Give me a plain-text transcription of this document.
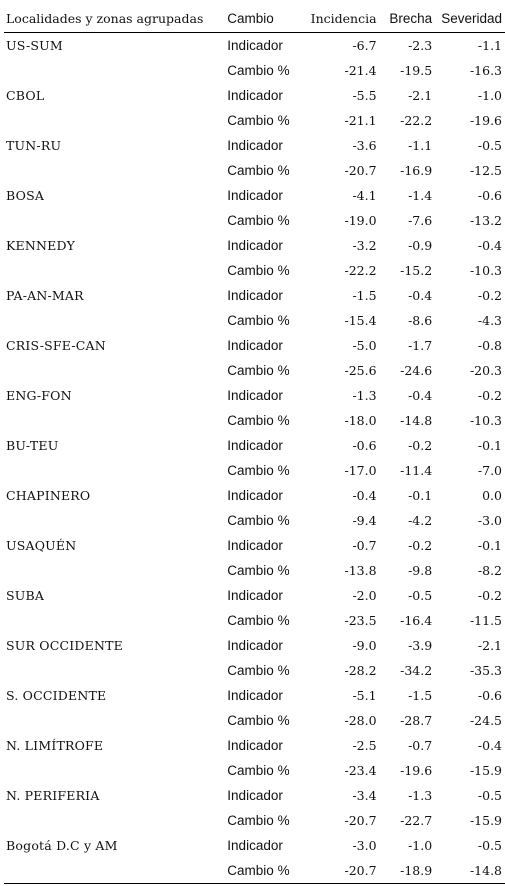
Localidades y zonas agrupadas	Cambio	Incidencia	Brecha	Severidad
US-SUM	Indicador	-6.7	-2.3	-1.1
	Cambio %	-21.4	-19.5	-16.3
CBOL	Indicador	-5.5	-2.1	-1.0
	Cambio %	-21.1	-22.2	-19.6
TUN-RU	Indicador	-3.6	-1.1	-0.5
	Cambio %	-20.7	-16.9	-12.5
BOSA	Indicador	-4.1	-1.4	-0.6
	Cambio %	-19.0	-7.6	-13.2
KENNEDY	Indicador	-3.2	-0.9	-0.4
	Cambio %	-22.2	-15.2	-10.3
PA-AN-MAR	Indicador	-1.5	-0.4	-0.2
	Cambio %	-15.4	-8.6	-4.3
CRIS-SFE-CAN	Indicador	-5.0	-1.7	-0.8
	Cambio %	-25.6	-24.6	-20.3
ENG-FON	Indicador	-1.3	-0.4	-0.2
	Cambio %	-18.0	-14.8	-10.3
BU-TEU	Indicador	-0.6	-0.2	-0.1
	Cambio %	-17.0	-11.4	-7.0
CHAPINERO	Indicador	-0.4	-0.1	0.0
	Cambio %	-9.4	-4.2	-3.0
USAQUÉN	Indicador	-0.7	-0.2	-0.1
	Cambio %	-13.8	-9.8	-8.2
SUBA	Indicador	-2.0	-0.5	-0.2
	Cambio %	-23.5	-16.4	-11.5
SUR OCCIDENTE	Indicador	-9.0	-3.9	-2.1
	Cambio %	-28.2	-34.2	-35.3
S. OCCIDENTE	Indicador	-5.1	-1.5	-0.6
	Cambio %	-28.0	-28.7	-24.5
N. LIMÍTROFE	Indicador	-2.5	-0.7	-0.4
	Cambio %	-23.4	-19.6	-15.9
N. PERIFERIA	Indicador	-3.4	-1.3	-0.5
	Cambio %	-20.7	-22.7	-15.9
Bogotá D.C y AM	Indicador	-3.0	-1.0	-0.5
	Cambio %	-20.7	-18.9	-14.8
